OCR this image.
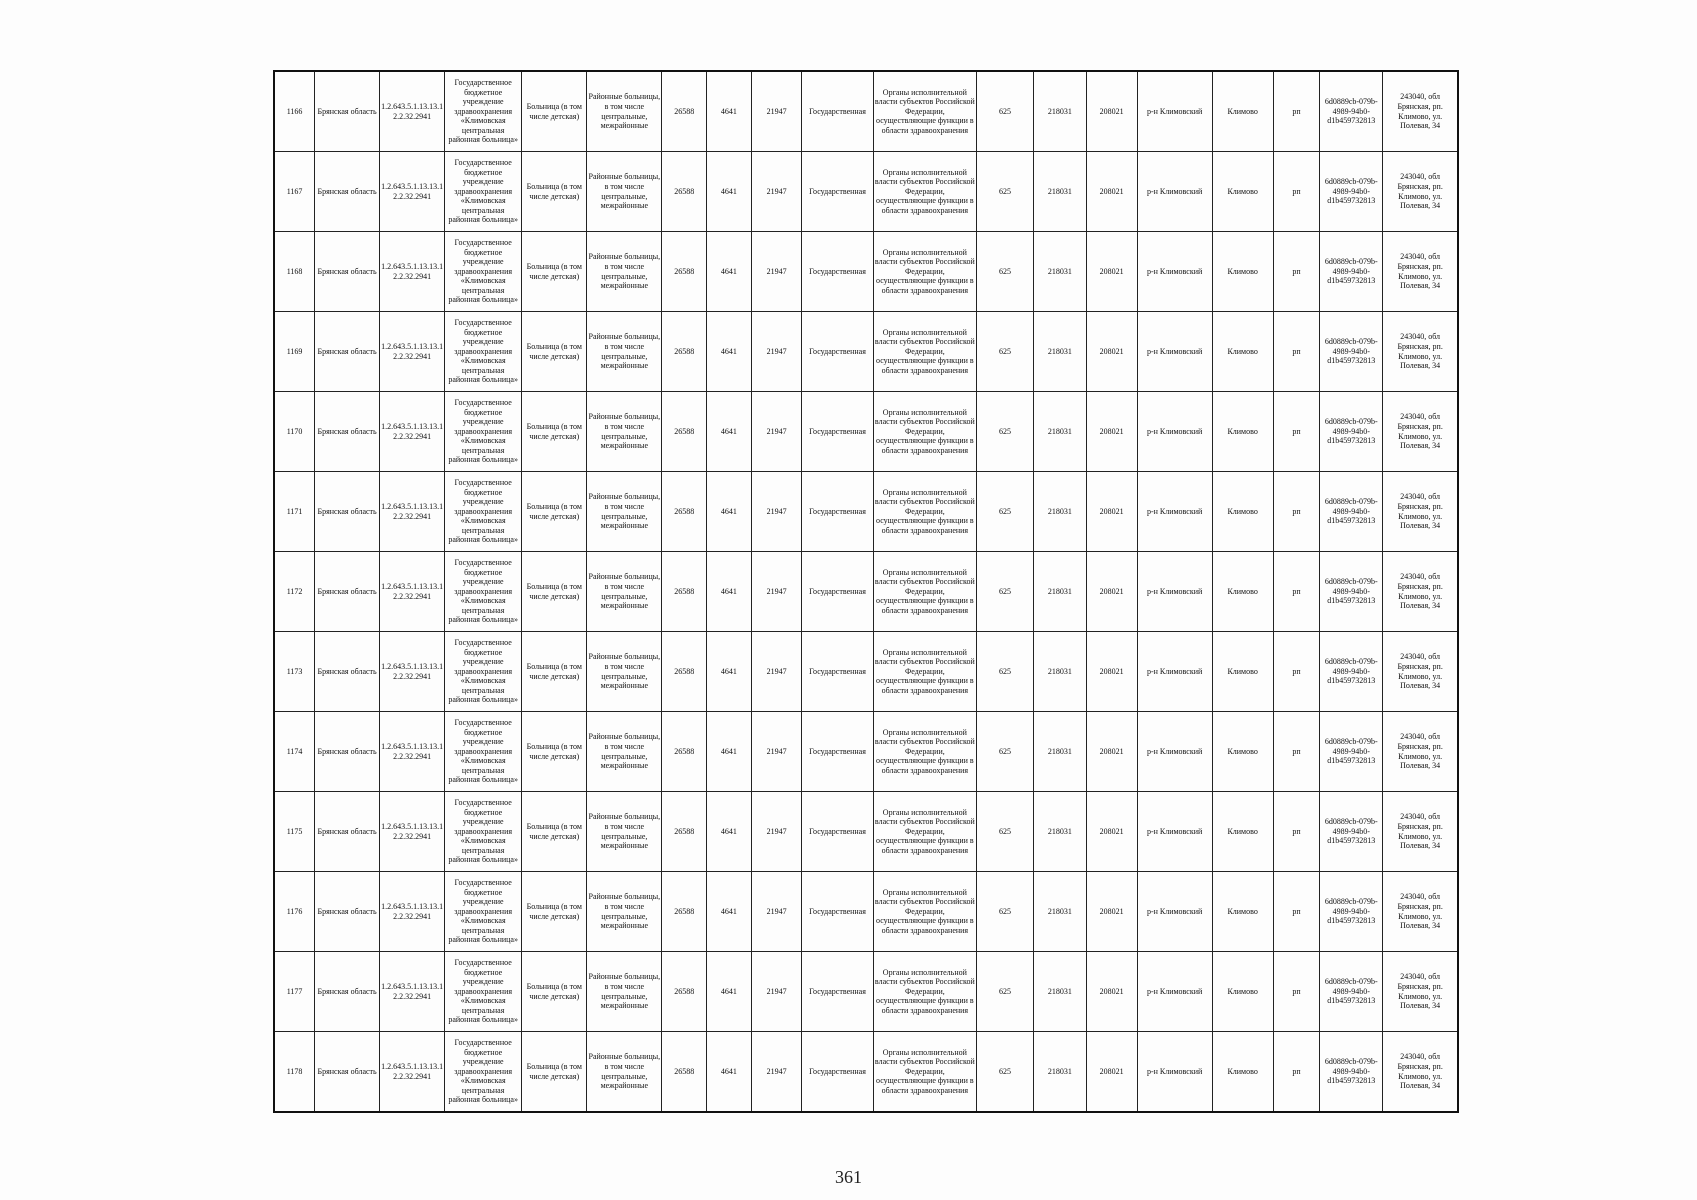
1166	Брянская область	1.2.643.5.1.13.13.12.2.32.2941	Государственное бюджетное учреждение здравоохранения «Климовская центральная районная больница»	Больница (в том числе детская)	Районные больницы, в том числе центральные, межрайонные	26588	4641	21947	Государственная	Органы исполнительной власти субъектов Российской Федерации, осуществляющие функции в области здравоохранения	625	218031	208021	р-н Климовский	Климово	рп	6d0889cb-079b-4989-94b0-d1b459732813	243040, обл Брянская, рп. Климово, ул. Полевая, 34
1167	Брянская область	1.2.643.5.1.13.13.12.2.32.2941	Государственное бюджетное учреждение здравоохранения «Климовская центральная районная больница»	Больница (в том числе детская)	Районные больницы, в том числе центральные, межрайонные	26588	4641	21947	Государственная	Органы исполнительной власти субъектов Российской Федерации, осуществляющие функции в области здравоохранения	625	218031	208021	р-н Климовский	Климово	рп	6d0889cb-079b-4989-94b0-d1b459732813	243040, обл Брянская, рп. Климово, ул. Полевая, 34
1168	Брянская область	1.2.643.5.1.13.13.12.2.32.2941	Государственное бюджетное учреждение здравоохранения «Климовская центральная районная больница»	Больница (в том числе детская)	Районные больницы, в том числе центральные, межрайонные	26588	4641	21947	Государственная	Органы исполнительной власти субъектов Российской Федерации, осуществляющие функции в области здравоохранения	625	218031	208021	р-н Климовский	Климово	рп	6d0889cb-079b-4989-94b0-d1b459732813	243040, обл Брянская, рп. Климово, ул. Полевая, 34
1169	Брянская область	1.2.643.5.1.13.13.12.2.32.2941	Государственное бюджетное учреждение здравоохранения «Климовская центральная районная больница»	Больница (в том числе детская)	Районные больницы, в том числе центральные, межрайонные	26588	4641	21947	Государственная	Органы исполнительной власти субъектов Российской Федерации, осуществляющие функции в области здравоохранения	625	218031	208021	р-н Климовский	Климово	рп	6d0889cb-079b-4989-94b0-d1b459732813	243040, обл Брянская, рп. Климово, ул. Полевая, 34
1170	Брянская область	1.2.643.5.1.13.13.12.2.32.2941	Государственное бюджетное учреждение здравоохранения «Климовская центральная районная больница»	Больница (в том числе детская)	Районные больницы, в том числе центральные, межрайонные	26588	4641	21947	Государственная	Органы исполнительной власти субъектов Российской Федерации, осуществляющие функции в области здравоохранения	625	218031	208021	р-н Климовский	Климово	рп	6d0889cb-079b-4989-94b0-d1b459732813	243040, обл Брянская, рп. Климово, ул. Полевая, 34
1171	Брянская область	1.2.643.5.1.13.13.12.2.32.2941	Государственное бюджетное учреждение здравоохранения «Климовская центральная районная больница»	Больница (в том числе детская)	Районные больницы, в том числе центральные, межрайонные	26588	4641	21947	Государственная	Органы исполнительной власти субъектов Российской Федерации, осуществляющие функции в области здравоохранения	625	218031	208021	р-н Климовский	Климово	рп	6d0889cb-079b-4989-94b0-d1b459732813	243040, обл Брянская, рп. Климово, ул. Полевая, 34
1172	Брянская область	1.2.643.5.1.13.13.12.2.32.2941	Государственное бюджетное учреждение здравоохранения «Климовская центральная районная больница»	Больница (в том числе детская)	Районные больницы, в том числе центральные, межрайонные	26588	4641	21947	Государственная	Органы исполнительной власти субъектов Российской Федерации, осуществляющие функции в области здравоохранения	625	218031	208021	р-н Климовский	Климово	рп	6d0889cb-079b-4989-94b0-d1b459732813	243040, обл Брянская, рп. Климово, ул. Полевая, 34
1173	Брянская область	1.2.643.5.1.13.13.12.2.32.2941	Государственное бюджетное учреждение здравоохранения «Климовская центральная районная больница»	Больница (в том числе детская)	Районные больницы, в том числе центральные, межрайонные	26588	4641	21947	Государственная	Органы исполнительной власти субъектов Российской Федерации, осуществляющие функции в области здравоохранения	625	218031	208021	р-н Климовский	Климово	рп	6d0889cb-079b-4989-94b0-d1b459732813	243040, обл Брянская, рп. Климово, ул. Полевая, 34
1174	Брянская область	1.2.643.5.1.13.13.12.2.32.2941	Государственное бюджетное учреждение здравоохранения «Климовская центральная районная больница»	Больница (в том числе детская)	Районные больницы, в том числе центральные, межрайонные	26588	4641	21947	Государственная	Органы исполнительной власти субъектов Российской Федерации, осуществляющие функции в области здравоохранения	625	218031	208021	р-н Климовский	Климово	рп	6d0889cb-079b-4989-94b0-d1b459732813	243040, обл Брянская, рп. Климово, ул. Полевая, 34
1175	Брянская область	1.2.643.5.1.13.13.12.2.32.2941	Государственное бюджетное учреждение здравоохранения «Климовская центральная районная больница»	Больница (в том числе детская)	Районные больницы, в том числе центральные, межрайонные	26588	4641	21947	Государственная	Органы исполнительной власти субъектов Российской Федерации, осуществляющие функции в области здравоохранения	625	218031	208021	р-н Климовский	Климово	рп	6d0889cb-079b-4989-94b0-d1b459732813	243040, обл Брянская, рп. Климово, ул. Полевая, 34
1176	Брянская область	1.2.643.5.1.13.13.12.2.32.2941	Государственное бюджетное учреждение здравоохранения «Климовская центральная районная больница»	Больница (в том числе детская)	Районные больницы, в том числе центральные, межрайонные	26588	4641	21947	Государственная	Органы исполнительной власти субъектов Российской Федерации, осуществляющие функции в области здравоохранения	625	218031	208021	р-н Климовский	Климово	рп	6d0889cb-079b-4989-94b0-d1b459732813	243040, обл Брянская, рп. Климово, ул. Полевая, 34
1177	Брянская область	1.2.643.5.1.13.13.12.2.32.2941	Государственное бюджетное учреждение здравоохранения «Климовская центральная районная больница»	Больница (в том числе детская)	Районные больницы, в том числе центральные, межрайонные	26588	4641	21947	Государственная	Органы исполнительной власти субъектов Российской Федерации, осуществляющие функции в области здравоохранения	625	218031	208021	р-н Климовский	Климово	рп	6d0889cb-079b-4989-94b0-d1b459732813	243040, обл Брянская, рп. Климово, ул. Полевая, 34
1178	Брянская область	1.2.643.5.1.13.13.12.2.32.2941	Государственное бюджетное учреждение здравоохранения «Климовская центральная районная больница»	Больница (в том числе детская)	Районные больницы, в том числе центральные, межрайонные	26588	4641	21947	Государственная	Органы исполнительной власти субъектов Российской Федерации, осуществляющие функции в области здравоохранения	625	218031	208021	р-н Климовский	Климово	рп	6d0889cb-079b-4989-94b0-d1b459732813	243040, обл Брянская, рп. Климово, ул. Полевая, 34
361
